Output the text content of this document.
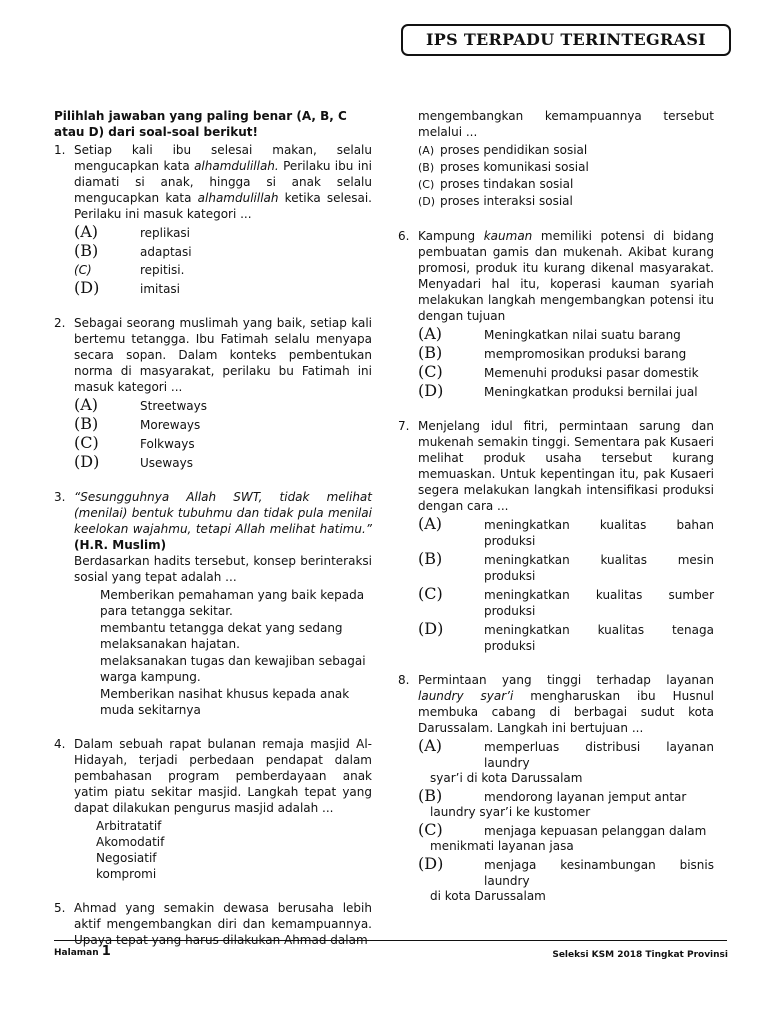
IPS TERPADU TERINTEGRASI

Pilihlah jawaban yang paling benar (A, B, C atau D) dari soal-soal berikut!

1. Setiap kali ibu selesai makan, selalu mengucapkan kata alhamdulillah. Perilaku ibu ini diamati si anak, hingga si anak selalu mengucapkan kata alhamdulillah ketika selesai. Perilaku ini masuk kategori ...
(A)	replikasi
(B)	adaptasi
(C)	repitisi.
(D)	imitasi
2. Sebagai seorang muslimah yang baik, setiap kali bertemu tetangga. Ibu Fatimah selalu menyapa secara sopan. Dalam konteks pembentukan norma di masyarakat, perilaku bu Fatimah ini masuk kategori ...
(A)	Streetways
(B)	Moreways
(C)	Folkways
(D)	Useways
3. “Sesungguhnya Allah SWT, tidak melihat (menilai) bentuk tubuhmu dan tidak pula menilai keelokan wajahmu, tetapi Allah melihat hatimu.” (H.R. Muslim)
Berdasarkan hadits tersebut, konsep berinteraksi sosial yang tepat adalah ...
Memberikan pemahaman yang baik kepada
para tetangga sekitar.
membantu tetangga dekat yang sedang
melaksanakan hajatan.
melaksanakan tugas dan kewajiban sebagai
warga kampung.
Memberikan nasihat khusus kepada anak
muda sekitarnya
4. Dalam sebuah rapat bulanan remaja masjid Al-Hidayah, terjadi perbedaan pendapat dalam pembahasan program pemberdayaan anak yatim piatu sekitar masjid. Langkah tepat yang dapat dilakukan pengurus masjid adalah ...
Arbitratatif
Akomodatif
Negosiatif
kompromi
5. Ahmad yang semakin dewasa berusaha lebih aktif mengembangkan diri dan kemampuannya. Upaya tepat yang harus dilakukan Ahmad dalam
mengembangkan kemampuannya tersebut melalui ...
(A) proses pendidikan sosial
(B) proses komunikasi sosial
(C) proses tindakan sosial
(D) proses interaksi sosial
6. Kampung kauman memiliki potensi di bidang pembuatan gamis dan mukenah. Akibat kurang promosi, produk itu kurang dikenal masyarakat. Menyadari hal itu, koperasi kauman syariah melakukan langkah mengembangkan potensi itu dengan tujuan
(A)	Meningkatkan nilai suatu barang
(B)	mempromosikan produksi barang
(C)	Memenuhi produksi pasar domestik
(D)	Meningkatkan produksi bernilai jual
7. Menjelang idul fitri, permintaan sarung dan mukenah semakin tinggi. Sementara pak Kusaeri melihat produk usaha tersebut kurang memuaskan. Untuk kepentingan itu, pak Kusaeri segera melakukan langkah intensifikasi produksi dengan cara ...
(A)	meningkatkan kualitas bahan produksi
(B)	meningkatkan kualitas mesin produksi
(C)	meningkatkan kualitas sumber produksi
(D)	meningkatkan kualitas tenaga produksi
8. Permintaan yang tinggi terhadap layanan laundry syar’i mengharuskan ibu Husnul membuka cabang di berbagai sudut kota Darussalam. Langkah ini bertujuan ...
(A)	memperluas distribusi layanan laundry
syar’i di kota Darussalam
(B)	mendorong layanan jemput antar
laundry syar’i ke kustomer
(C)	menjaga kepuasan pelanggan dalam
menikmati layanan jasa
(D)	menjaga kesinambungan bisnis laundry
di kota Darussalam
Halaman 1	Seleksi KSM 2018 Tingkat Provinsi
